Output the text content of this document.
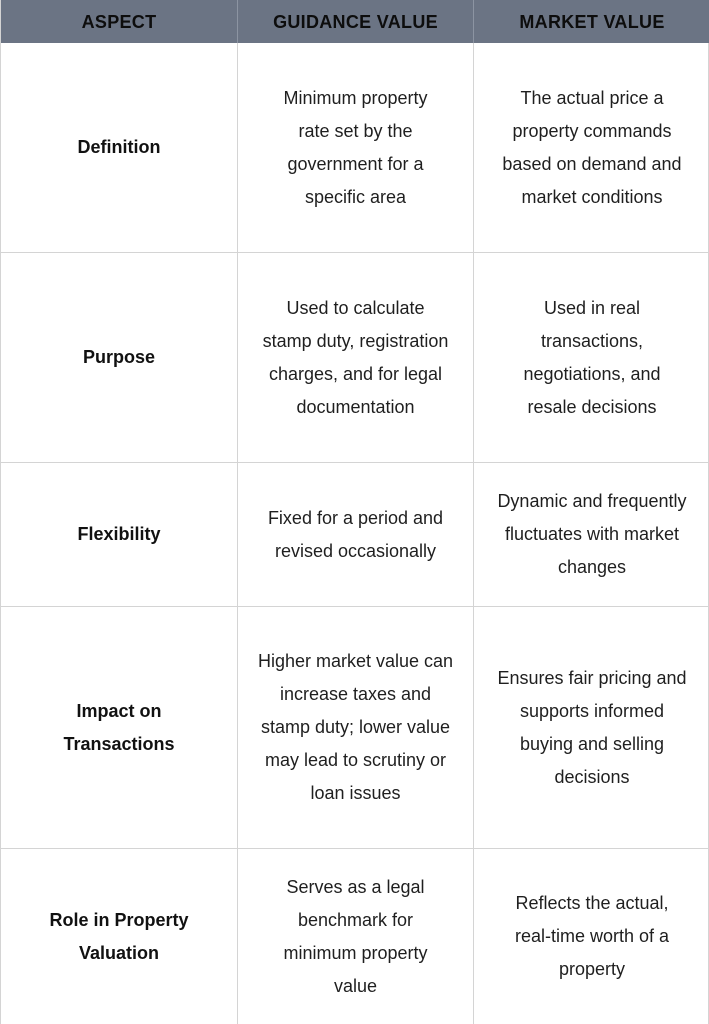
ASPECT	GUIDANCE VALUE	MARKET VALUE
Definition
Minimum property rate set by the government for a specific area
The actual price a property commands based on demand and market conditions
Purpose
Used to calculate stamp duty, registration charges, and for legal documentation
Used in real transactions, negotiations, and resale decisions
Flexibility
Fixed for a period and revised occasionally
Dynamic and frequently fluctuates with market changes
Impact on Transactions
Higher market value can increase taxes and stamp duty; lower value may lead to scrutiny or loan issues
Ensures fair pricing and supports informed buying and selling decisions
Role in Property Valuation
Serves as a legal benchmark for minimum property value
Reflects the actual, real-time worth of a property
